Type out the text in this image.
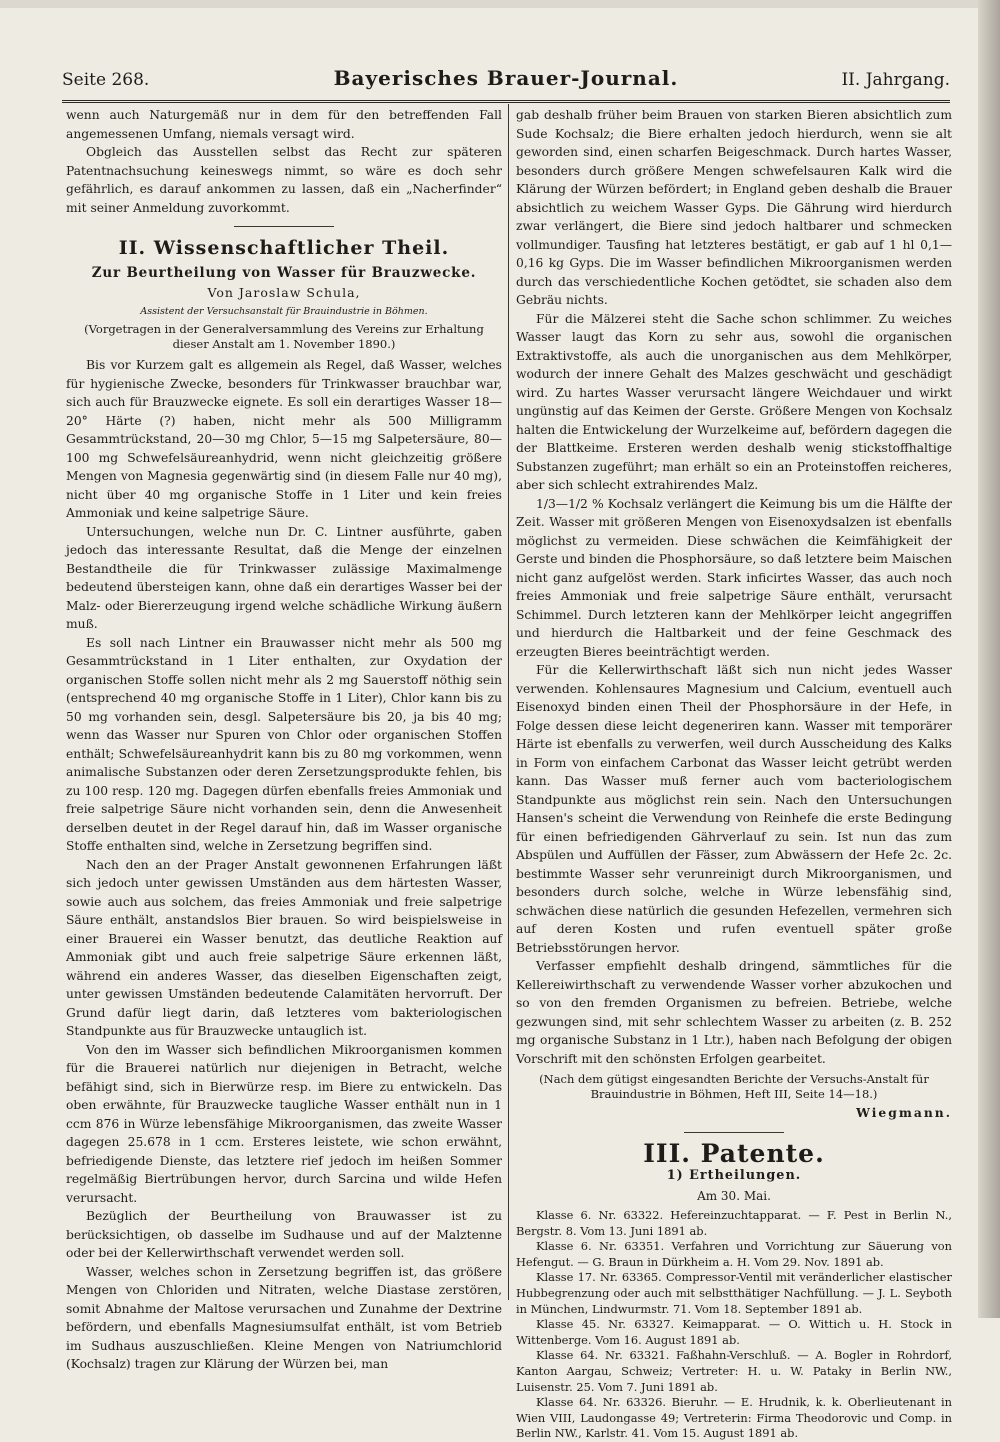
Seite 268.	Bayerisches Brauer-Journal.	II. Jahrgang.

wenn auch Naturgemäß nur in dem für den betreffenden Fall angemessenen Umfang, niemals versagt wird.

Obgleich das Ausstellen selbst das Recht zur späteren Patentnachsuchung keineswegs nimmt, so wäre es doch sehr gefährlich, es darauf ankommen zu lassen, daß ein „Nacherfinder“ mit seiner Anmeldung zuvorkommt.

II. Wissenschaftlicher Theil.
Zur Beurtheilung von Wasser für Brauzwecke.
Von Jaroslaw Schula,
Assistent der Versuchsanstalt für Brauindustrie in Böhmen.
(Vorgetragen in der Generalversammlung des Vereins zur Erhaltung dieser Anstalt am 1. November 1890.)

Bis vor Kurzem galt es allgemein als Regel, daß Wasser, welches für hygienische Zwecke, besonders für Trinkwasser brauchbar war, sich auch für Brauzwecke eignete. Es soll ein derartiges Wasser 18—20° Härte (?) haben, nicht mehr als 500 Milligramm Gesammtrückstand, 20—30 mg Chlor, 5—15 mg Salpetersäure, 80—100 mg Schwefelsäureanhydrid, wenn nicht gleichzeitig größere Mengen von Magnesia gegenwärtig sind (in diesem Falle nur 40 mg), nicht über 40 mg organische Stoffe in 1 Liter und kein freies Ammoniak und keine salpetrige Säure.

Untersuchungen, welche nun Dr. C. Lintner ausführte, gaben jedoch das interessante Resultat, daß die Menge der einzelnen Bestandtheile die für Trinkwasser zulässige Maximalmenge bedeutend übersteigen kann, ohne daß ein derartiges Wasser bei der Malz- oder Biererzeugung irgend welche schädliche Wirkung äußern muß.

Es soll nach Lintner ein Brauwasser nicht mehr als 500 mg Gesammtrückstand in 1 Liter enthalten, zur Oxydation der organischen Stoffe sollen nicht mehr als 2 mg Sauerstoff nöthig sein (entsprechend 40 mg organische Stoffe in 1 Liter), Chlor kann bis zu 50 mg vorhanden sein, desgl. Salpetersäure bis 20, ja bis 40 mg; wenn das Wasser nur Spuren von Chlor oder organischen Stoffen enthält; Schwefelsäureanhydrit kann bis zu 80 mg vorkommen, wenn animalische Substanzen oder deren Zersetzungsprodukte fehlen, bis zu 100 resp. 120 mg. Dagegen dürfen ebenfalls freies Ammoniak und freie salpetrige Säure nicht vorhanden sein, denn die Anwesenheit derselben deutet in der Regel darauf hin, daß im Wasser organische Stoffe enthalten sind, welche in Zersetzung begriffen sind.

Nach den an der Prager Anstalt gewonnenen Erfahrungen läßt sich jedoch unter gewissen Umständen aus dem härtesten Wasser, sowie auch aus solchem, das freies Ammoniak und freie salpetrige Säure enthält, anstandslos Bier brauen. So wird beispielsweise in einer Brauerei ein Wasser benutzt, das deutliche Reaktion auf Ammoniak gibt und auch freie salpetrige Säure erkennen läßt, während ein anderes Wasser, das dieselben Eigenschaften zeigt, unter gewissen Umständen bedeutende Calamitäten hervorruft. Der Grund dafür liegt darin, daß letzteres vom bakteriologischen Standpunkte aus für Brauzwecke untauglich ist.

Von den im Wasser sich befindlichen Mikroorganismen kommen für die Brauerei natürlich nur diejenigen in Betracht, welche befähigt sind, sich in Bierwürze resp. im Biere zu entwickeln. Das oben erwähnte, für Brauzwecke taugliche Wasser enthält nun in 1 ccm 876 in Würze lebensfähige Mikroorganismen, das zweite Wasser dagegen 25.678 in 1 ccm. Ersteres leistete, wie schon erwähnt, befriedigende Dienste, das letztere rief jedoch im heißen Sommer regelmäßig Biertrübungen hervor, durch Sarcina und wilde Hefen verursacht.

Bezüglich der Beurtheilung von Brauwasser ist zu berücksichtigen, ob dasselbe im Sudhause und auf der Malztenne oder bei der Kellerwirthschaft verwendet werden soll.

Wasser, welches schon in Zersetzung begriffen ist, das größere Mengen von Chloriden und Nitraten, welche Diastase zerstören, somit Abnahme der Maltose verursachen und Zunahme der Dextrine befördern, und ebenfalls Magnesiumsulfat enthält, ist vom Betrieb im Sudhaus auszuschließen. Kleine Mengen von Natriumchlorid (Kochsalz) tragen zur Klärung der Würzen bei, man

gab deshalb früher beim Brauen von starken Bieren absichtlich zum Sude Kochsalz; die Biere erhalten jedoch hierdurch, wenn sie alt geworden sind, einen scharfen Beigeschmack. Durch hartes Wasser, besonders durch größere Mengen schwefelsauren Kalk wird die Klärung der Würzen befördert; in England geben deshalb die Brauer absichtlich zu weichem Wasser Gyps. Die Gährung wird hierdurch zwar verlängert, die Biere sind jedoch haltbarer und schmecken vollmundiger. Tausfing hat letzteres bestätigt, er gab auf 1 hl 0,1—0,16 kg Gyps. Die im Wasser befindlichen Mikroorganismen werden durch das verschiedentliche Kochen getödtet, sie schaden also dem Gebräu nichts.

Für die Mälzerei steht die Sache schon schlimmer. Zu weiches Wasser laugt das Korn zu sehr aus, sowohl die organischen Extraktivstoffe, als auch die unorganischen aus dem Mehlkörper, wodurch der innere Gehalt des Malzes geschwächt und geschädigt wird. Zu hartes Wasser verursacht längere Weichdauer und wirkt ungünstig auf das Keimen der Gerste. Größere Mengen von Kochsalz halten die Entwickelung der Wurzelkeime auf, befördern dagegen die der Blattkeime. Ersteren werden deshalb wenig stickstoffhaltige Substanzen zugeführt; man erhält so ein an Proteinstoffen reicheres, aber sich schlecht extrahirendes Malz.

1/3—1/2 % Kochsalz verlängert die Keimung bis um die Hälfte der Zeit. Wasser mit größeren Mengen von Eisenoxydsalzen ist ebenfalls möglichst zu vermeiden. Diese schwächen die Keimfähigkeit der Gerste und binden die Phosphorsäure, so daß letztere beim Maischen nicht ganz aufgelöst werden. Stark inficirtes Wasser, das auch noch freies Ammoniak und freie salpetrige Säure enthält, verursacht Schimmel. Durch letzteren kann der Mehlkörper leicht angegriffen und hierdurch die Haltbarkeit und der feine Geschmack des erzeugten Bieres beeinträchtigt werden.

Für die Kellerwirthschaft läßt sich nun nicht jedes Wasser verwenden. Kohlensaures Magnesium und Calcium, eventuell auch Eisenoxyd binden einen Theil der Phosphorsäure in der Hefe, in Folge dessen diese leicht degeneriren kann. Wasser mit temporärer Härte ist ebenfalls zu verwerfen, weil durch Ausscheidung des Kalks in Form von einfachem Carbonat das Wasser leicht getrübt werden kann. Das Wasser muß ferner auch vom bacteriologischem Standpunkte aus möglichst rein sein. Nach den Untersuchungen Hansen's scheint die Verwendung von Reinhefe die erste Bedingung für einen befriedigenden Gährverlauf zu sein. Ist nun das zum Abspülen und Auffüllen der Fässer, zum Abwässern der Hefe 2c. 2c. bestimmte Wasser sehr verunreinigt durch Mikroorganismen, und besonders durch solche, welche in Würze lebensfähig sind, schwächen diese natürlich die gesunden Hefezellen, vermehren sich auf deren Kosten und rufen eventuell später große Betriebsstörungen hervor.

Verfasser empfiehlt deshalb dringend, sämmtliches für die Kellereiwirthschaft zu verwendende Wasser vorher abzukochen und so von den fremden Organismen zu befreien. Betriebe, welche gezwungen sind, mit sehr schlechtem Wasser zu arbeiten (z. B. 252 mg organische Substanz in 1 Ltr.), haben nach Befolgung der obigen Vorschrift mit den schönsten Erfolgen gearbeitet.

(Nach dem gütigst eingesandten Berichte der Versuchs-Anstalt für Brauindustrie in Böhmen, Heft III, Seite 14—18.)
Wiegmann.
III. Patente.
1) Ertheilungen.
Am 30. Mai.

Klasse 6. Nr. 63322. Hefereinzuchtapparat. — F. Pest in Berlin N., Bergstr. 8. Vom 13. Juni 1891 ab.

Klasse 6. Nr. 63351. Verfahren und Vorrichtung zur Säuerung von Hefengut. — G. Braun in Dürkheim a. H. Vom 29. Nov. 1891 ab.

Klasse 17. Nr. 63365. Compressor-Ventil mit veränderlicher elastischer Hubbegrenzung oder auch mit selbstthätiger Nachfüllung. — J. L. Seyboth in München, Lindwurmstr. 71. Vom 18. September 1891 ab.

Klasse 45. Nr. 63327. Keimapparat. — O. Wittich u. H. Stock in Wittenberge. Vom 16. August 1891 ab.

Klasse 64. Nr. 63321. Faßhahn-Verschluß. — A. Bogler in Rohrdorf, Kanton Aargau, Schweiz; Vertreter: H. u. W. Pataky in Berlin NW., Luisenstr. 25. Vom 7. Juni 1891 ab.

Klasse 64. Nr. 63326. Bieruhr. — E. Hrudnik, k. k. Oberlieutenant in Wien VIII, Laudongasse 49; Vertreterin: Firma Theodorovic und Comp. in Berlin NW., Karlstr. 41. Vom 15. August 1891 ab.
